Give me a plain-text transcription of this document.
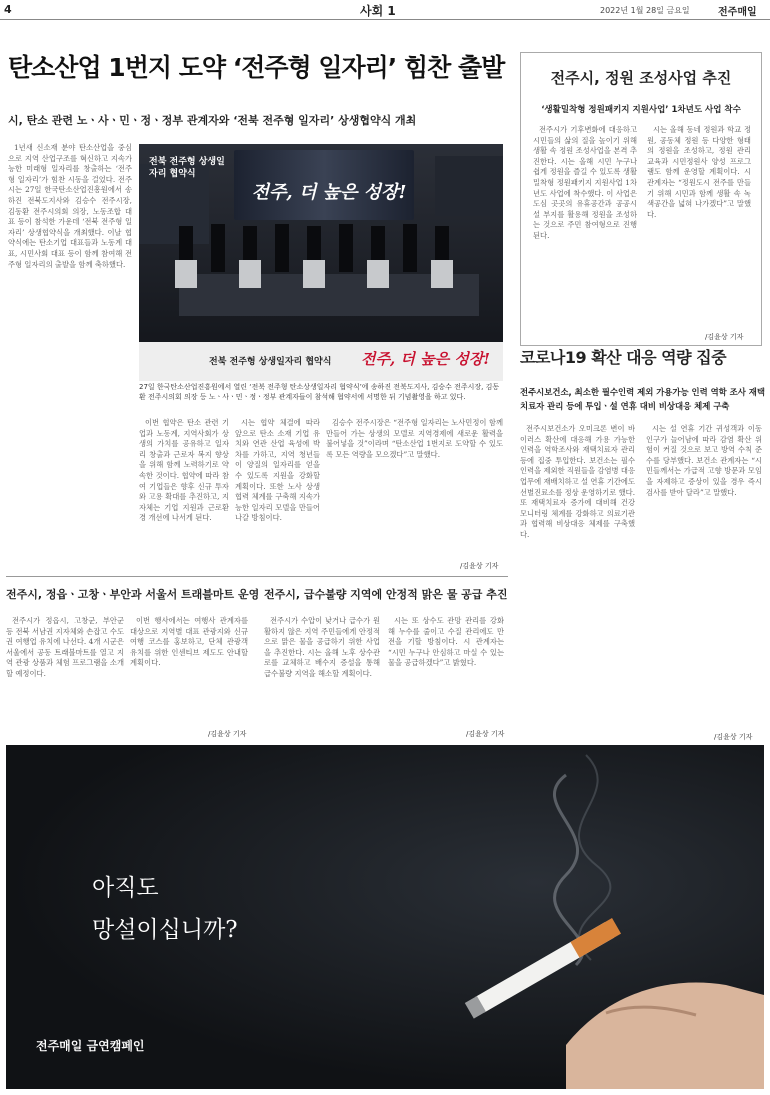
4	사회 1	2022년 1월 28일 금요일	전주매일
탄소산업 1번지 도약 ‘전주형 일자리’ 힘찬 출발
시, 탄소 관련 노ㆍ사ㆍ민ㆍ정ㆍ정부 관계자와 ‘전북 전주형 일자리’ 상생협약식 개최

1년새 신소재 분야 탄소산업을 중심으로 지역 산업구조를 혁신하고 지속가능한 미래형 일자리를 창출하는 ‘전주형 일자리’가 힘찬 시동을 걸었다. 전주시는 27일 한국탄소산업진흥원에서 송하진 전북도지사와 김승수 전주시장, 김동환 전주시의회 의장, 노동조합 대표 등이 참석한 가운데 ‘전북 전주형 일자리’ 상생협약식을 개최했다. 이날 협약식에는 탄소기업 대표들과 노동계 대표, 시민사회 대표 등이 함께 참여해 전주형 일자리의 출발을 함께 축하했다.

전북 전주형 상생일자리 협약식
전주, 더 높은 성장!
전북 전주형 상생일자리 협약식 전주, 더 높은 성장!
27일 한국탄소산업진흥원에서 열린 ‘전북 전주형 탄소상생일자리 협약식’에 송하진 전북도지사, 김승수 전주시장, 김동환 전주시의회 의장 등 노ㆍ사ㆍ민ㆍ정ㆍ정부 관계자들이 참석해 협약서에 서명한 뒤 기념촬영을 하고 있다.

이번 협약은 탄소 관련 기업과 노동계, 지역사회가 상생의 가치를 공유하고 일자리 창출과 근로자 복지 향상을 위해 함께 노력하기로 약속한 것이다. 협약에 따라 참여 기업들은 향후 신규 투자와 고용 확대를 추진하고, 지자체는 기업 지원과 근로환경 개선에 나서게 된다.

시는 협약 체결에 따라 앞으로 탄소 소재 기업 유치와 연관 산업 육성에 박차를 가하고, 지역 청년들이 양질의 일자리를 얻을 수 있도록 지원을 강화할 계획이다. 또한 노사 상생 협력 체계를 구축해 지속가능한 일자리 모델을 만들어 나갈 방침이다.

김승수 전주시장은 “전주형 일자리는 노사민정이 함께 만들어 가는 상생의 모델로 지역경제에 새로운 활력을 불어넣을 것”이라며 “탄소산업 1번지로 도약할 수 있도록 모든 역량을 모으겠다”고 말했다.

/김윤상 기자
전주시, 정원 조성사업 추진
‘생활밀착형 정원패키지 지원사업’ 1차년도 사업 착수

전주시가 기후변화에 대응하고 시민들의 삶의 질을 높이기 위해 생활 속 정원 조성사업을 본격 추진한다. 시는 올해 시민 누구나 쉽게 정원을 즐길 수 있도록 생활밀착형 정원패키지 지원사업 1차년도 사업에 착수했다. 이 사업은 도심 곳곳의 유휴공간과 공공시설 부지를 활용해 정원을 조성하는 것으로 주민 참여형으로 진행된다.

시는 올해 동네 정원과 학교 정원, 공동체 정원 등 다양한 형태의 정원을 조성하고, 정원 관리 교육과 시민정원사 양성 프로그램도 함께 운영할 계획이다. 시 관계자는 “정원도시 전주를 만들기 위해 시민과 함께 생활 속 녹색공간을 넓혀 나가겠다”고 말했다.

/김윤상 기자
코로나19 확산 대응 역량 집중
전주시보건소, 최소한 필수인력 제외 가용가능 인력 역학 조사 재택치료자 관리 등에 투입ㆍ설 연휴 대비 비상대응 체제 구축

전주시보건소가 오미크론 변이 바이러스 확산에 대응해 가용 가능한 인력을 역학조사와 재택치료자 관리 등에 집중 투입한다. 보건소는 필수인력을 제외한 직원들을 감염병 대응 업무에 재배치하고 설 연휴 기간에도 선별진료소를 정상 운영하기로 했다. 또 재택치료자 증가에 대비해 건강 모니터링 체계를 강화하고 의료기관과 협력해 비상대응 체제를 구축했다.

시는 설 연휴 기간 귀성객과 이동 인구가 늘어남에 따라 감염 확산 위험이 커질 것으로 보고 방역 수칙 준수를 당부했다. 보건소 관계자는 “시민들께서는 가급적 고향 방문과 모임을 자제하고 증상이 있을 경우 즉시 검사를 받아 달라”고 말했다.

/김윤상 기자
전주시, 정읍ㆍ고창ㆍ부안과 서울서 트래블마트 운영

전주시가 정읍시, 고창군, 부안군 등 전북 서남권 지자체와 손잡고 수도권 여행업 유치에 나선다. 4개 시군은 서울에서 공동 트래블마트를 열고 지역 관광 상품과 체험 프로그램을 소개할 예정이다.

이번 행사에서는 여행사 관계자를 대상으로 지역별 대표 관광지와 신규 여행 코스를 홍보하고, 단체 관광객 유치를 위한 인센티브 제도도 안내할 계획이다.

/김윤상 기자
전주시, 급수불량 지역에 안정적 맑은 물 공급 추진

전주시가 수압이 낮거나 급수가 원활하지 않은 지역 주민들에게 안정적으로 맑은 물을 공급하기 위한 사업을 추진한다. 시는 올해 노후 상수관로를 교체하고 배수지 증설을 통해 급수불량 지역을 해소할 계획이다.

시는 또 상수도 관망 관리를 강화해 누수를 줄이고 수질 관리에도 만전을 기할 방침이다. 시 관계자는 “시민 누구나 안심하고 마실 수 있는 물을 공급하겠다”고 밝혔다.

/김윤상 기자
아직도
망설이십니까?
전주매일 금연캠페인
